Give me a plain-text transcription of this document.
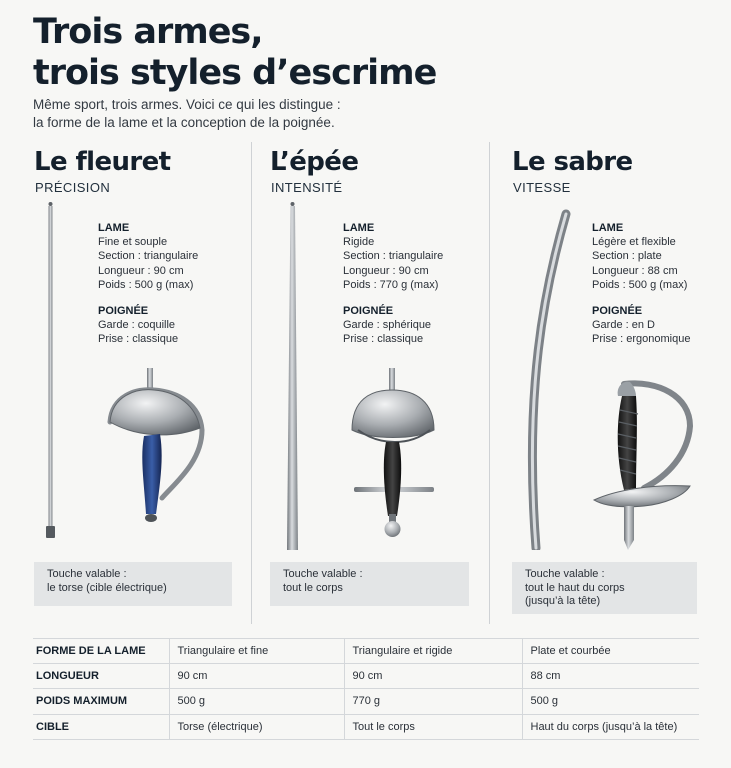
Trois armes,
trois styles d’escrime

Même sport, trois armes. Voici ce qui les distingue :
la forme de la lame et la conception de la poignée.

Le fleuret
PRÉCISION
LAME
Fine et souple
Section : triangulaire
Longueur : 90 cm
Poids : 500 g (max)
POIGNÉE
Garde : coquille
Prise : classique
Touche valable :
le torse (cible électrique)
L’épée
INTENSITÉ
LAME
Rigide
Section : triangulaire
Longueur : 90 cm
Poids : 770 g (max)
POIGNÉE
Garde : sphérique
Prise : classique
Touche valable :
tout le corps
Le sabre
VITESSE
LAME
Légère et flexible
Section : plate
Longueur : 88 cm
Poids : 500 g (max)
POIGNÉE
Garde : en D
Prise : ergonomique
Touche valable :
tout le haut du corps
(jusqu’à la tête)
FORME DE LA LAME	Triangulaire et fine	Triangulaire et rigide	Plate et courbée
LONGUEUR	90 cm	90 cm	88 cm
POIDS MAXIMUM	500 g	770 g	500 g
CIBLE	Torse (électrique)	Tout le corps	Haut du corps (jusqu’à la tête)
